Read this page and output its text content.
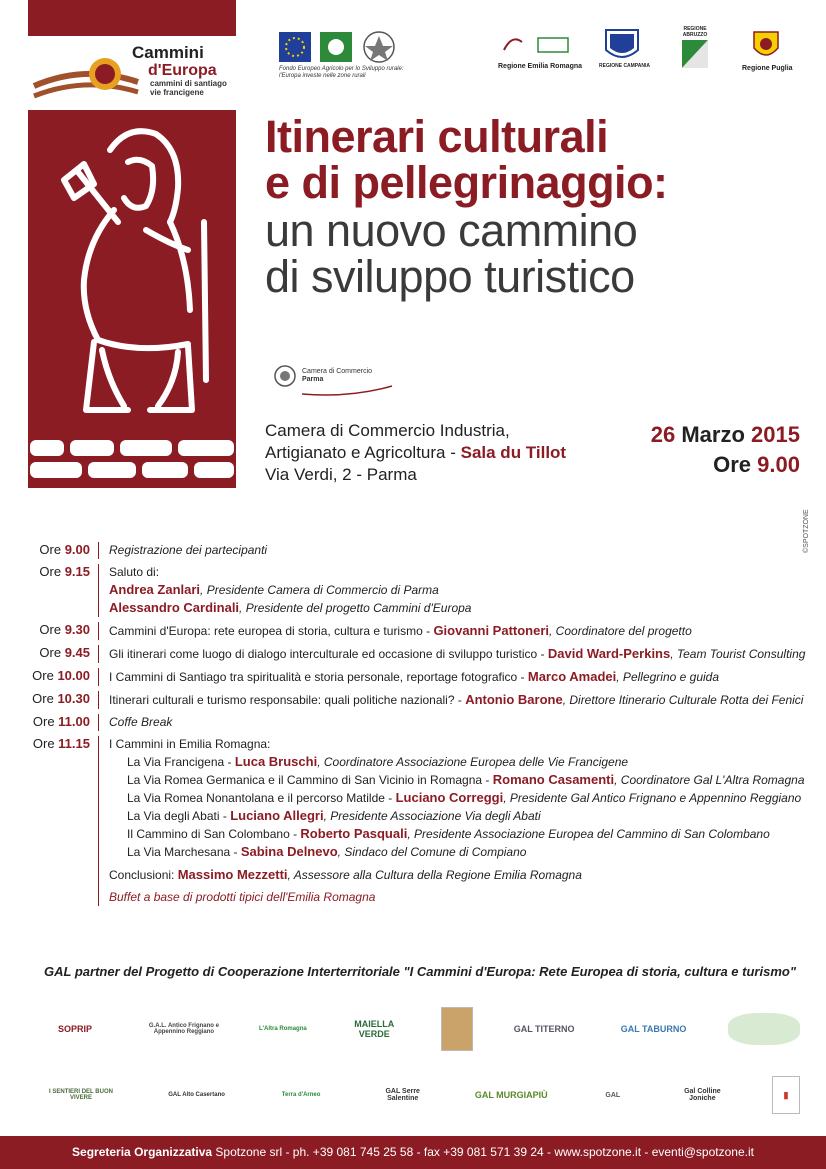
Cammini
d'Europa
cammini di santiago vie francigene
Fondo Europeo Agricolo per lo Sviluppo rurale: l'Europa investe nelle zone rurali
Regione Emilia Romagna	REGIONE CAMPANIA
REGIONE ABRUZZO
Regione Puglia
Itinerari culturali
e di pellegrinaggio:
un nuovo cammino
di sviluppo turistico
Camera di Commercio
Parma
Camera di Commercio Industria,
Artigianato e Agricoltura - Sala du Tillot
Via Verdi, 2 - Parma
26 Marzo 2015
Ore 9.00
©SPOTZONE
Ore 9.00	Registrazione dei partecipanti
Ore 9.15	Saluto di:
Andrea Zanlari, Presidente Camera di Commercio di Parma
Alessandro Cardinali, Presidente del progetto Cammini d'Europa
Ore 9.30	Cammini d'Europa: rete europea di storia, cultura e turismo - Giovanni Pattoneri, Coordinatore del progetto
Ore 9.45	Gli itinerari come luogo di dialogo interculturale ed occasione di sviluppo turistico - David Ward-Perkins, Team Tourist Consulting
Ore 10.00	I Cammini di Santiago tra spiritualità e storia personale, reportage fotografico - Marco Amadei, Pellegrino e guida
Ore 10.30	Itinerari culturali e turismo responsabile: quali politiche nazionali? - Antonio Barone, Direttore Itinerario Culturale Rotta dei Fenici
Ore 11.00	Coffe Break
Ore 11.15	I Cammini in Emilia Romagna:
La Via Francigena - Luca Bruschi, Coordinatore Associazione Europea delle Vie Francigene
La Via Romea Germanica e il Cammino di San Vicinio in Romagna - Romano Casamenti, Coordinatore Gal L'Altra Romagna
La Via Romea Nonantolana e il percorso Matilde - Luciano Correggi, Presidente Gal Antico Frignano e Appennino Reggiano
La Via degli Abati - Luciano Allegri, Presidente Associazione Via degli Abati
Il Cammino di San Colombano - Roberto Pasquali, Presidente Associazione Europea del Cammino di San Colombano
La Via Marchesana - Sabina Delnevo, Sindaco del Comune di Compiano
Conclusioni: Massimo Mezzetti, Assessore alla Cultura della Regione Emilia Romagna
Buffet a base di prodotti tipici dell'Emilia Romagna
GAL partner del Progetto di Cooperazione Interterritoriale "I Cammini d'Europa: Rete Europea di storia, cultura e turismo"
SOPRIP	G.A.L. Antico Frignano e Appennino Reggiano	L'Altra Romagna	MAIELLA VERDE	GAL TITERNO	GAL TABURNO
I SENTIERI DEL BUON VIVERE	GAL Alto Casertano	Terra d'Arneo	GAL Serre Salentine	GAL MURGIAPIÙ	GAL	Gal Colline Joniche	▮
Segreteria Organizzativa Spotzone srl - ph. +39 081 745 25 58 - fax +39 081 571 39 24 - www.spotzone.it - eventi@spotzone.it
